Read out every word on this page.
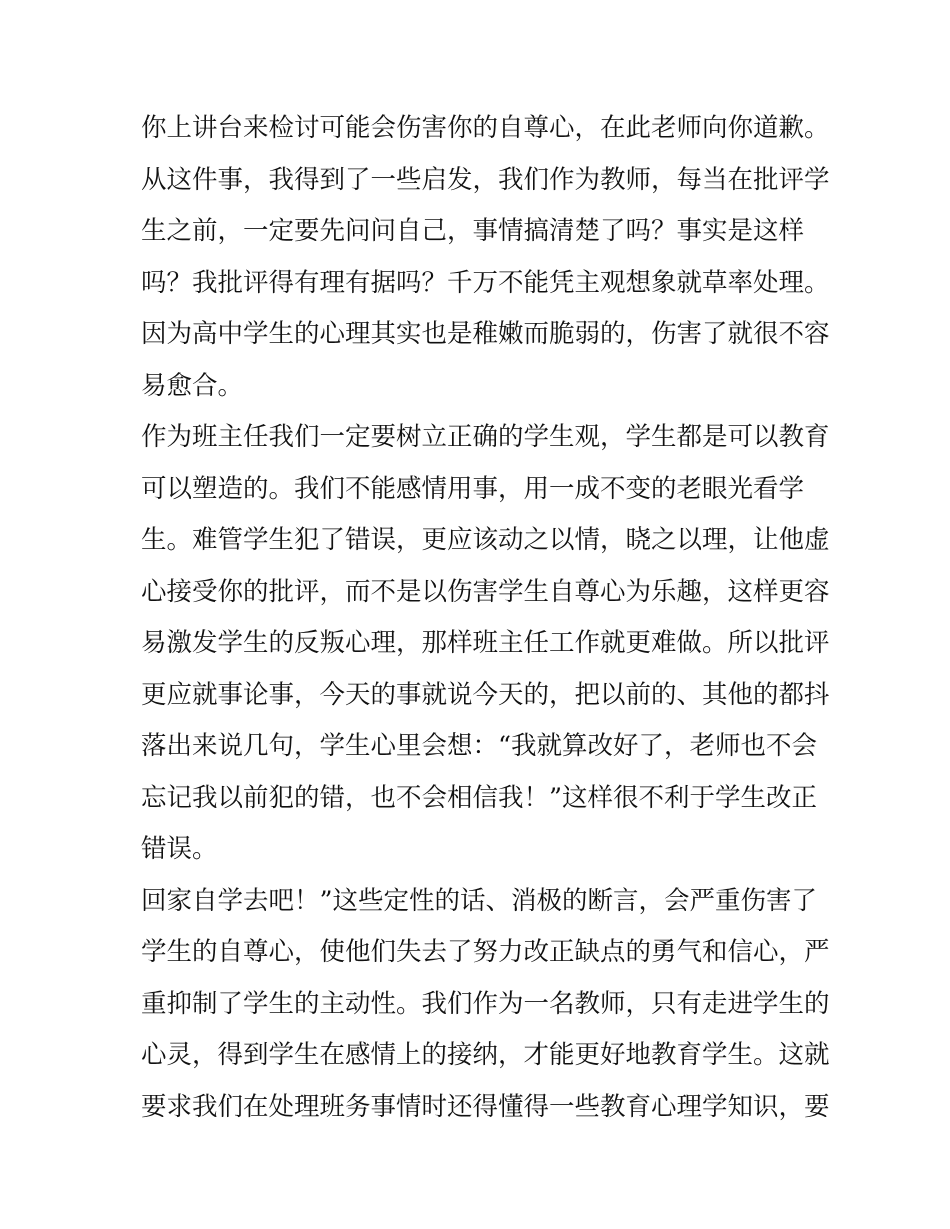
你上讲台来检讨可能会伤害你的自尊心，在此老师向你道歉。
从这件事，我得到了一些启发，我们作为教师，每当在批评学
生之前，一定要先问问自己，事情搞清楚了吗？事实是这样
吗？我批评得有理有据吗？千万不能凭主观想象就草率处理。
因为高中学生的心理其实也是稚嫩而脆弱的，伤害了就很不容
易愈合。
作为班主任我们一定要树立正确的学生观，学生都是可以教育
可以塑造的。我们不能感情用事，用一成不变的老眼光看学
生。难管学生犯了错误，更应该动之以情，晓之以理，让他虚
心接受你的批评，而不是以伤害学生自尊心为乐趣，这样更容
易激发学生的反叛心理，那样班主任工作就更难做。所以批评
更应就事论事，今天的事就说今天的，把以前的、其他的都抖
落出来说几句，学生心里会想：“我就算改好了，老师也不会
忘记我以前犯的错，也不会相信我！”这样很不利于学生改正
错误。
回家自学去吧！”这些定性的话、消极的断言，会严重伤害了
学生的自尊心，使他们失去了努力改正缺点的勇气和信心，严
重抑制了学生的主动性。我们作为一名教师，只有走进学生的
心灵，得到学生在感情上的接纳，才能更好地教育学生。这就
要求我们在处理班务事情时还得懂得一些教育心理学知识，要
